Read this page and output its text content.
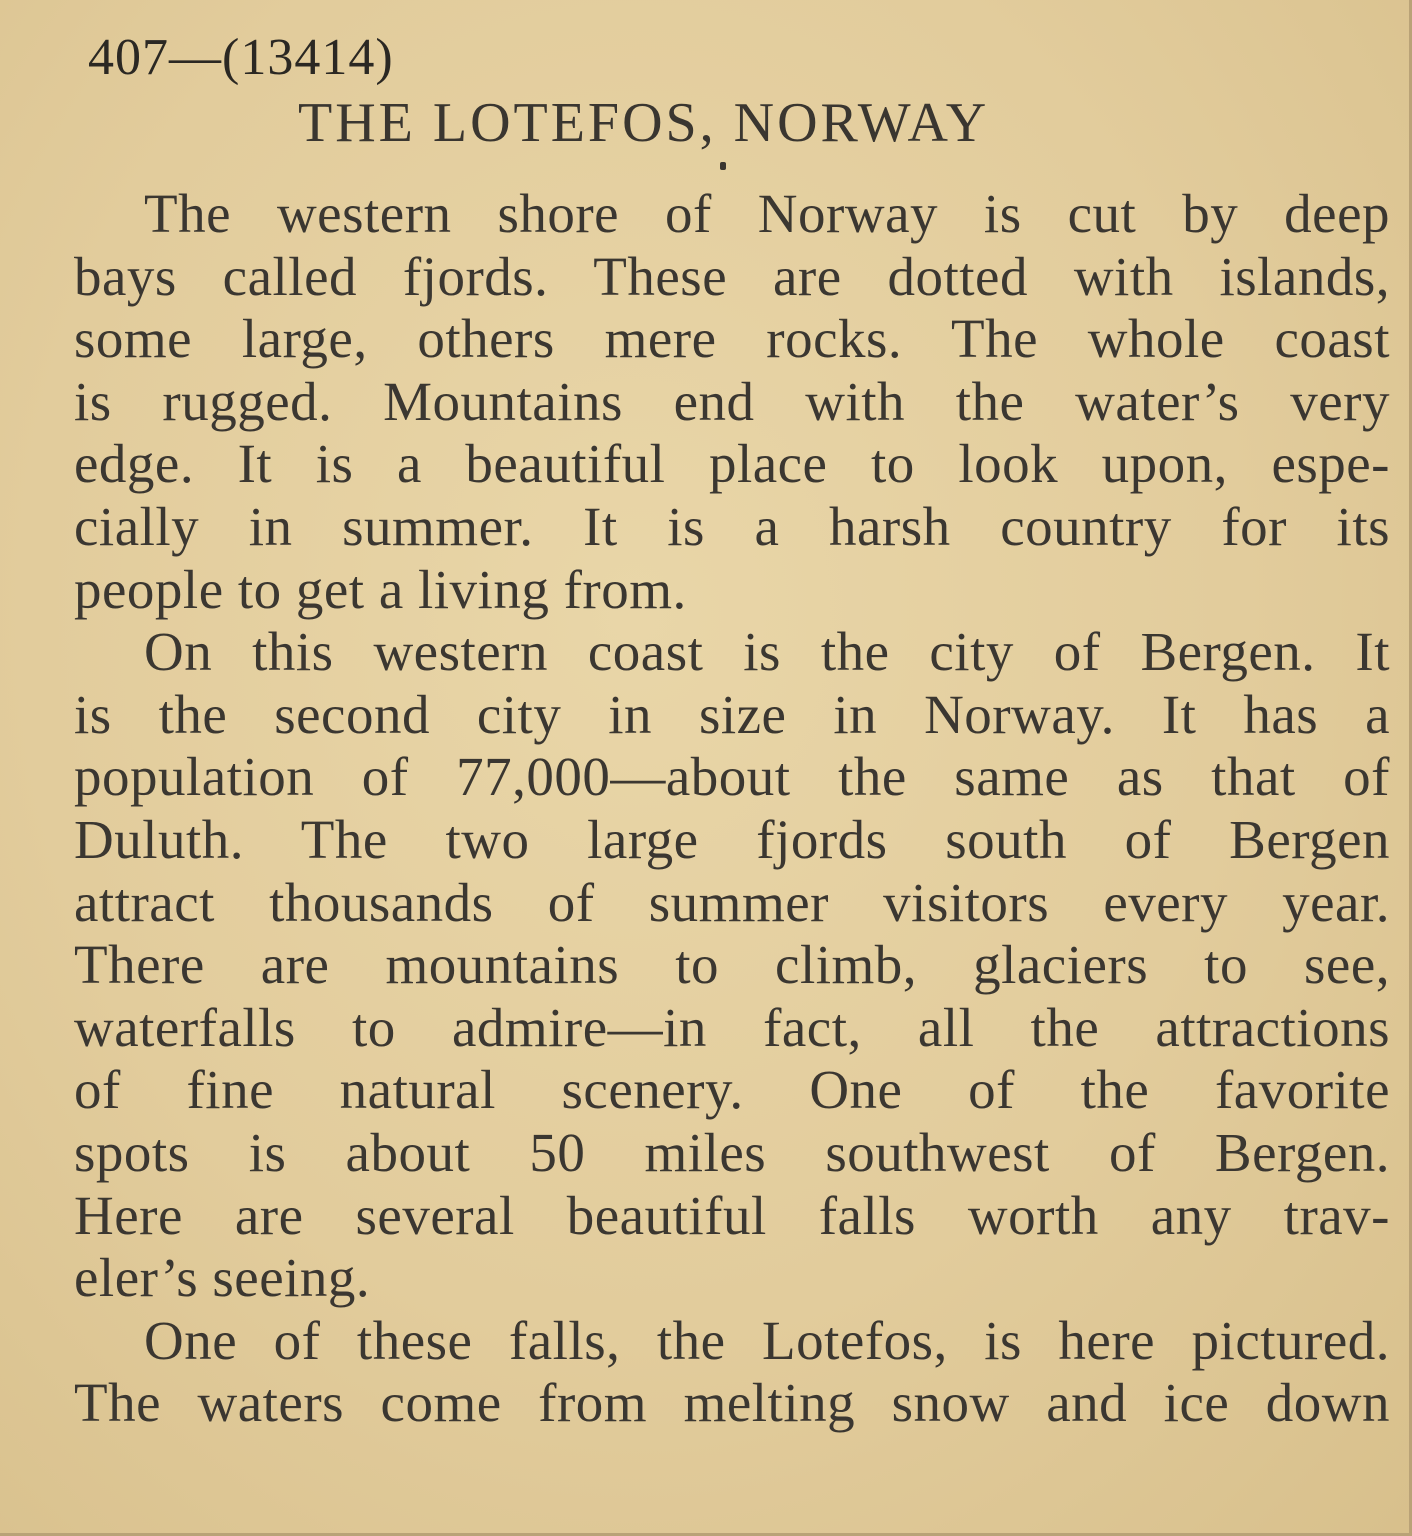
407—(13414)
THE LOTEFOS, NORWAY
The western shore of Norway is cut by deep
bays called fjords. These are dotted with islands,
some large, others mere rocks. The whole coast
is rugged. Mountains end with the water’s very
edge. It is a beautiful place to look upon, espe-
cially in summer. It is a harsh country for its
people to get a living from.
On this western coast is the city of Bergen. It
is the second city in size in Norway. It has a
population of 77,000—about the same as that of
Duluth. The two large fjords south of Bergen
attract thousands of summer visitors every year.
There are mountains to climb, glaciers to see,
waterfalls to admire—in fact, all the attractions
of fine natural scenery. One of the favorite
spots is about 50 miles southwest of Bergen.
Here are several beautiful falls worth any trav-
eler’s seeing.
One of these falls, the Lotefos, is here pictured.
The waters come from melting snow and ice down
